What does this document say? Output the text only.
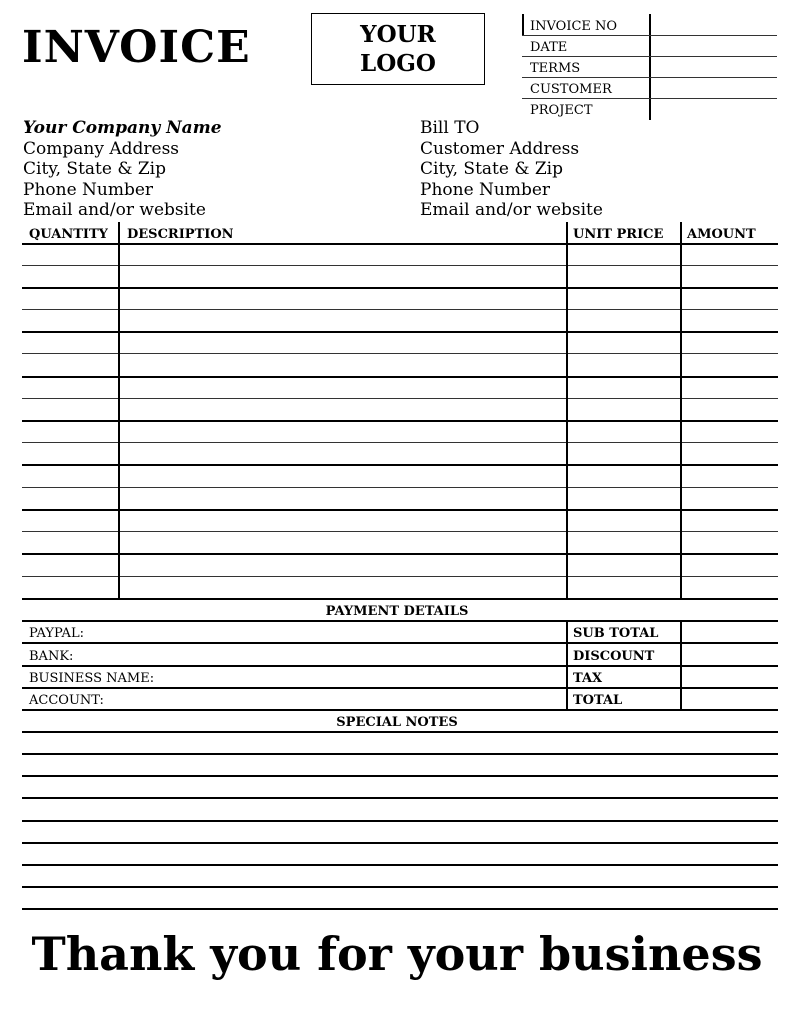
INVOICE	YOUR
LOGO
INVOICE NO
DATE
TERMS
CUSTOMER
PROJECT
Your Company Name
Company Address
City, State & Zip
Phone Number
Email and/or website
Bill TO
Customer Address
City, State & Zip
Phone Number
Email and/or website
QUANTITY DESCRIPTION	UNIT PRICE AMOUNT
PAYMENT DETAILS
PAYPAL:
BANK:
BUSINESS NAME:
ACCOUNT:
SUB TOTAL
DISCOUNT
TAX
TOTAL
SPECIAL NOTES
Thank you for your business
